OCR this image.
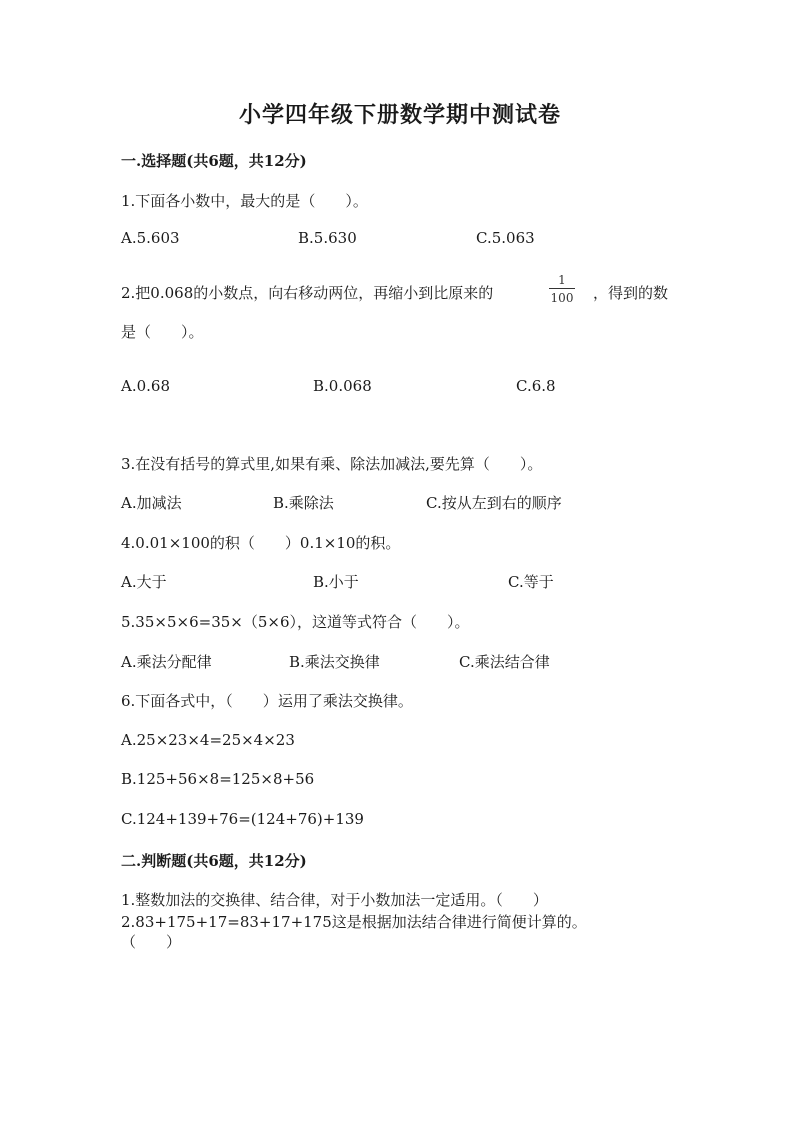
小学四年级下册数学期中测试卷
一.选择题(共6题，共12分)
1.下面各小数中，最大的是（　　）。
A.5.603	B.5.630	C.5.063
2.把0.068的小数点，向右移动两位，再缩小到比原来的
1
100 ，得到的数
是（　　）。
A.0.68	B.0.068	C.6.8
3.在没有括号的算式里,如果有乘、除法加减法,要先算（　　）。
A.加减法	B.乘除法	C.按从左到右的顺序
4.0.01×100的积（　　）0.1×10的积。
A.大于	B.小于	C.等于
5.35×5×6=35×（5×6），这道等式符合（　　）。
A.乘法分配律	B.乘法交换律	C.乘法结合律
6.下面各式中，（　　）运用了乘法交换律。
A.25×23×4=25×4×23
B.125+56×8=125×8+56
C.124+139+76=(124+76)+139
二.判断题(共6题，共12分)
1.整数加法的交换律、结合律，对于小数加法一定适用。（　　）
2.83+175+17=83+17+175这是根据加法结合律进行简便计算的。
（　　）
